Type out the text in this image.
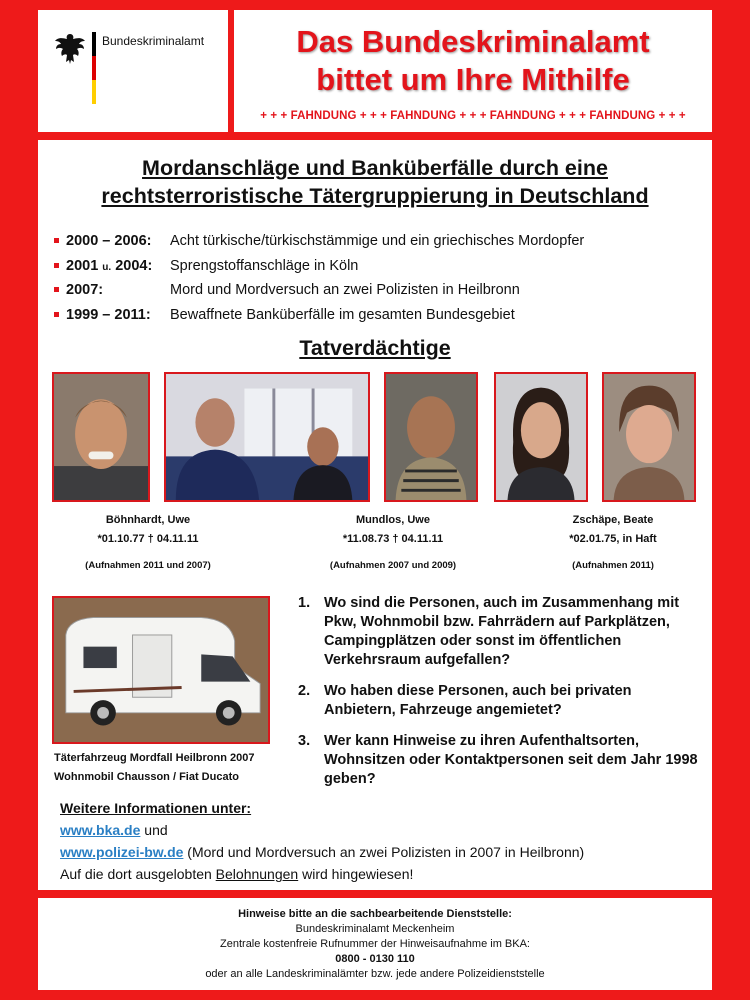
Bundeskriminalamt	Das Bundeskriminalamt
bittet um Ihre Mithilfe
+ + + FAHNDUNG + + + FAHNDUNG + + + FAHNDUNG + + + FAHNDUNG + + +
Mordanschläge und Banküberfälle durch eine
rechtsterroristische Tätergruppierung in Deutschland
2000 – 2006: Acht türkische/türkischstämmige und ein griechisches Mordopfer
2001 u. 2004: Sprengstoffanschläge in Köln
2007:	Mord und Mordversuch an zwei Polizisten in Heilbronn
1999 – 2011: Bewaffnete Banküberfälle im gesamten Bundesgebiet
Tatverdächtige
Böhnhardt, Uwe
*01.10.77 † 04.11.11
(Aufnahmen 2011 und 2007)
Mundlos, Uwe
*11.08.73 † 04.11.11
(Aufnahmen 2007 und 2009)
Zschäpe, Beate
*02.01.75, in Haft
(Aufnahmen 2011)
Täterfahrzeug Mordfall Heilbronn 2007
Wohnmobil Chausson / Fiat Ducato
1. Wo sind die Personen, auch im Zusammenhang mit Pkw, Wohnmobil bzw. Fahrrädern auf Parkplätzen, Campingplätzen oder sonst im öffentlichen Verkehrsraum aufgefallen?
2. Wo haben diese Personen, auch bei privaten Anbietern, Fahrzeuge angemietet?
3. Wer kann Hinweise zu ihren Aufenthaltsorten, Wohnsitzen oder Kontaktpersonen seit dem Jahr 1998 geben?
Weitere Informationen unter:
www.bka.de und
www.polizei-bw.de (Mord und Mordversuch an zwei Polizisten in 2007 in Heilbronn)
Auf die dort ausgelobten Belohnungen wird hingewiesen!
Hinweise bitte an die sachbearbeitende Dienststelle:
Bundeskriminalamt Meckenheim
Zentrale kostenfreie Rufnummer der Hinweisaufnahme im BKA:
0800 - 0130 110
oder an alle Landeskriminalämter bzw. jede andere Polizeidienststelle
